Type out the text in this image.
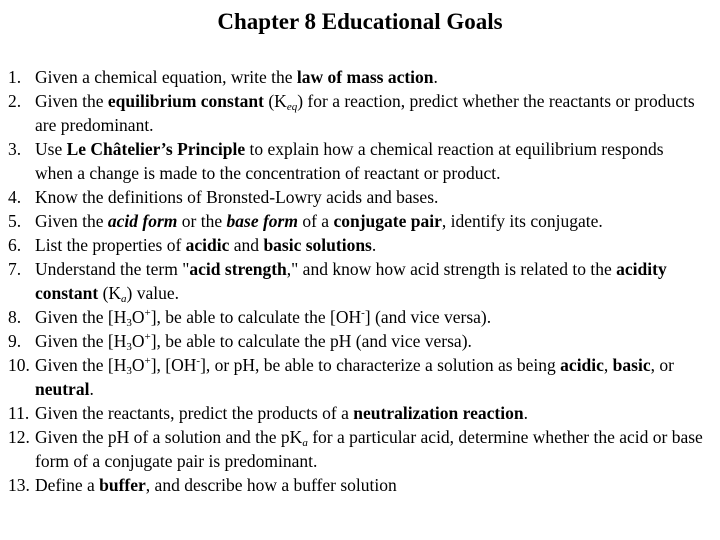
Chapter 8 Educational Goals
1. Given a chemical equation, write the law of mass action.
2. Given the equilibrium constant $(K_{eq})$ for a reaction, predict whether the reactants or products are predominant.
3. Use Le Châtelier’s Principle to explain how a chemical reaction at equilibrium responds when a change is made to the concentration of reactant or product.
4. Know the definitions of Bronsted-Lowry acids and bases.
5. Given the acid form or the base form of a conjugate pair, identify its conjugate.
6. List the properties of acidic and basic solutions.
7. Understand the term "acid strength," and know how acid strength is related to the acidity constant $(K_a)$ value.
8. Given the $[H_3O^+]$, be able to calculate the [OH-] (and vice versa).
9. Given the $[H_3O^+]$, be able to calculate the pH (and vice versa).
10. Given the $[H_3O^+]$, [OH-], or pH, be able to characterize a solution as being acidic, basic, or neutral.
11. Given the reactants, predict the products of a neutralization reaction.
12. Given the pH of a solution and the $pK_a$ for a particular acid, determine whether the acid or base form of a conjugate pair is predominant.
13. Define a buffer, and describe how a buffer solution
